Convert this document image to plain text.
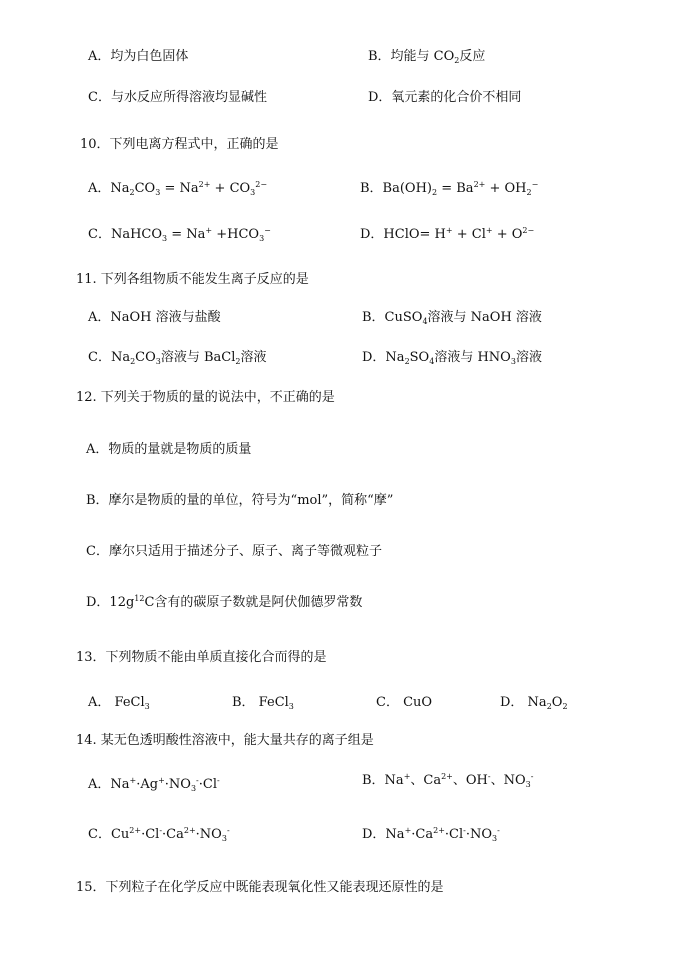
A．均为白色固体	B．均能与 $CO_2$反应
C．与水反应所得溶液均显碱性	D．氧元素的化合价不相同
10．下列电离方程式中，正确的是
A．$Na_2CO_3 = Na^{2+} + CO_3^{2-}$	B．$Ba(OH)_2 = Ba^{2+} + OH_2^-$
C．NaHCO$_3$ = $Na^+ +HCO_3^-$	D．HClO= $H^+ + Cl^+ + O^{2-}$
11. 下列各组物质不能发生离子反应的是
A．NaOH 溶液与盐酸	B．CuSO$_4$溶液与 NaOH 溶液
C．$Na_2CO_3$溶液与 BaCl$_2$溶液	D．$Na_2SO_4$溶液与 $HNO_3$溶液
12. 下列关于物质的量的说法中，不正确的是
A．物质的量就是物质的质量
B．摩尔是物质的量的单位，符号为“mol”，简称“摩”
C．摩尔只适用于描述分子、原子、离子等微观粒子
D．$12g^{12}C$含有的碳原子数就是阿伏伽德罗常数
13．下列物质不能由单质直接化合而得的是
A． FeCl$_3$	B． FeCl$_3$	C． CuO	D． $Na_2O_2$
14. 某无色透明酸性溶液中，能大量共存的离子组是
A．$Na^+\cdot Ag^+\cdot NO_3^-\cdot Cl^-$	B．Na+、$Ca^{2+}$、OH-、$NO_3^-$
C．$Cu^{2+}\cdot Cl^-\cdot Ca^{2+}\cdot NO_3^-$	D．$Na^+\cdot Ca^{2+}\cdot Cl^-\cdot NO_3^-$
15．下列粒子在化学反应中既能表现氧化性又能表现还原性的是
